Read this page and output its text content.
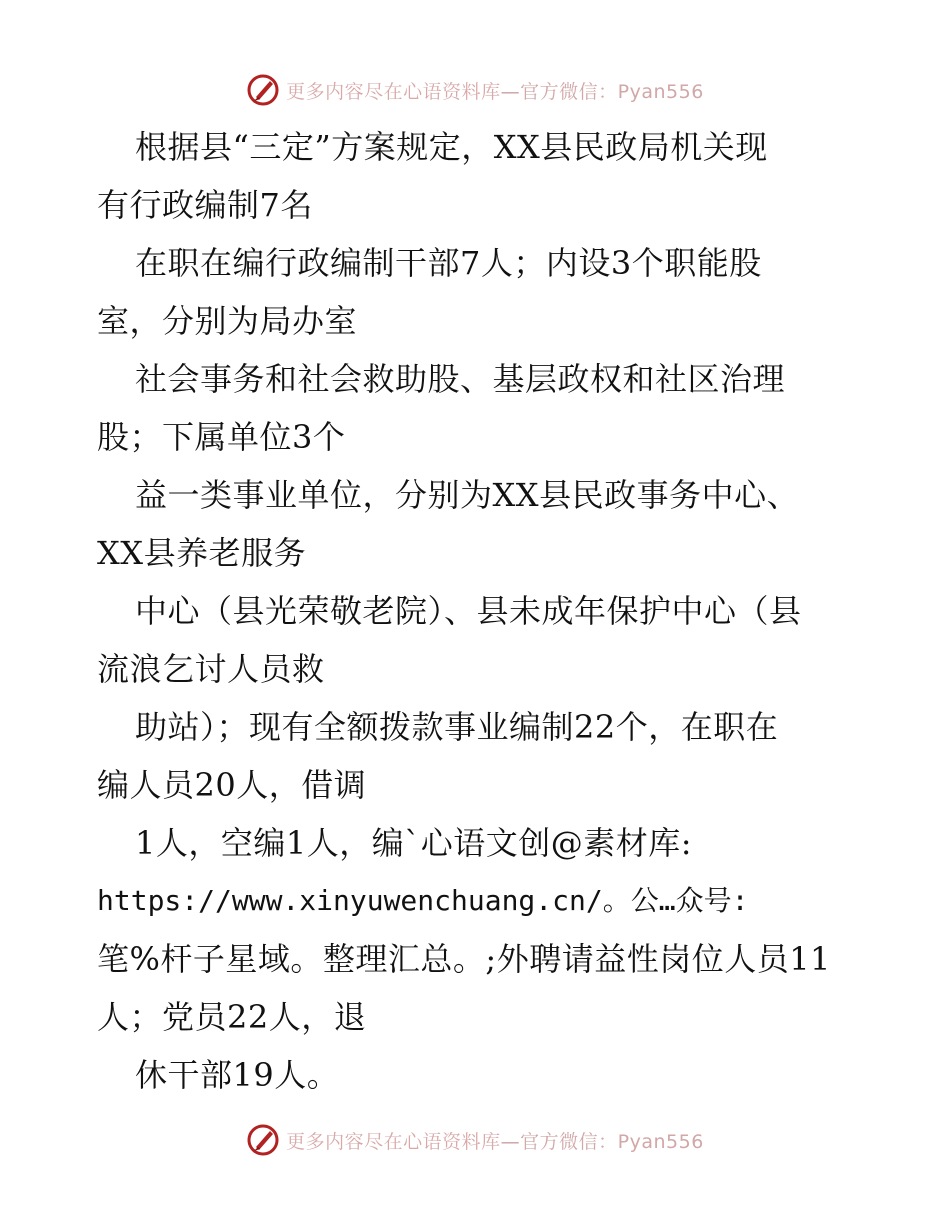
更多内容尽在心语资料库—官方微信：Pyan556
根据县“三定”方案规定，XX县民政局机关现
有行政编制7名
在职在编行政编制干部7人；内设3个职能股
室，分别为局办室
社会事务和社会救助股、基层政权和社区治理
股；下属单位3个
益一类事业单位，分别为XX县民政事务中心、
XX县养老服务
中心（县光荣敬老院）、县未成年保护中心（县
流浪乞讨人员救
助站）；现有全额拨款事业编制22个，在职在
编人员20人，借调
1人，空编1人，编`心语文创@素材库:
https://www.xinyuwenchuang.cn/。公…众号:
笔%杆子星域。整理汇总。;外聘请益性岗位人员11
人；党员22人，退
休干部19人。
更多内容尽在心语资料库—官方微信：Pyan556
